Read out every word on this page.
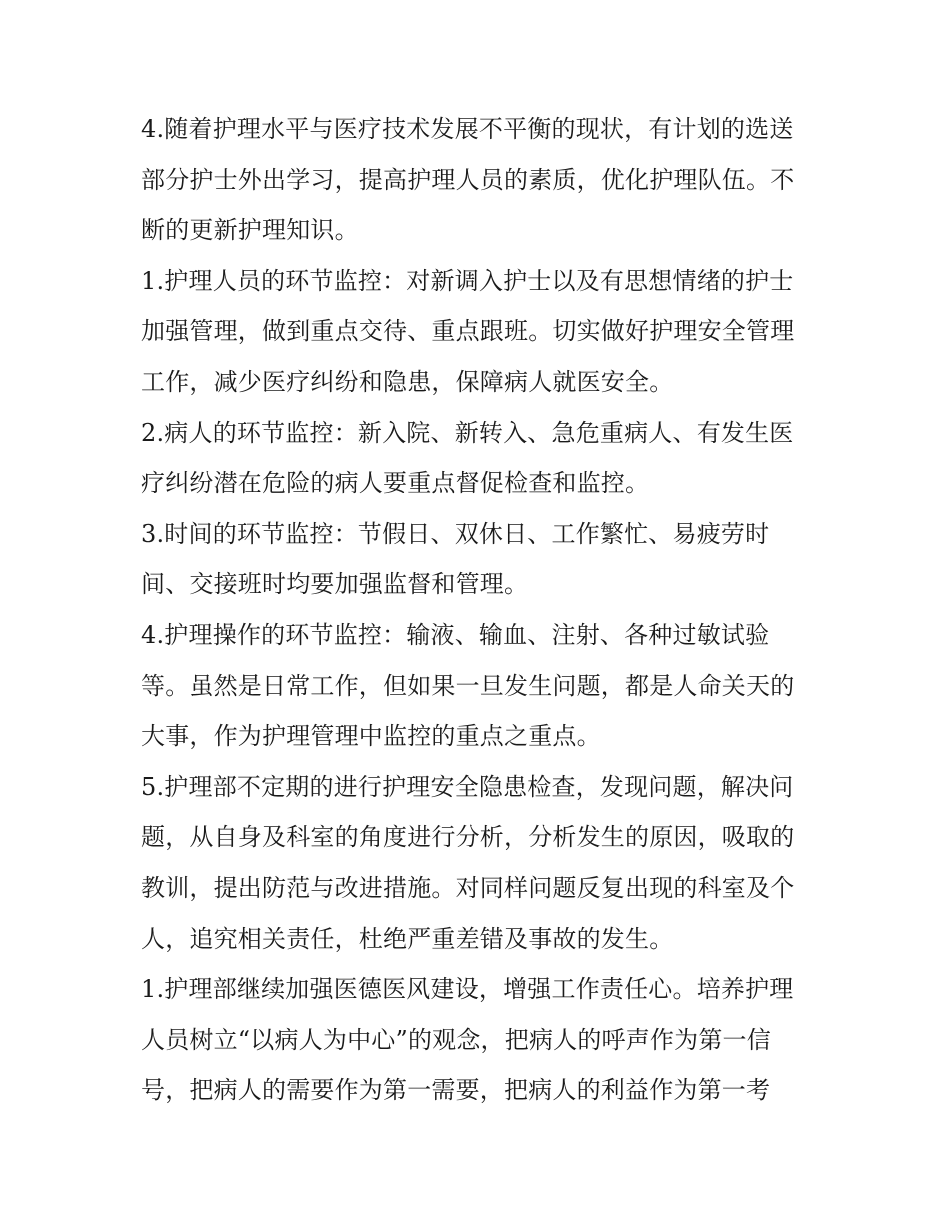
4.随着护理水平与医疗技术发展不平衡的现状，有计划的选送
部分护士外出学习，提高护理人员的素质，优化护理队伍。不
断的更新护理知识。
1.护理人员的环节监控：对新调入护士以及有思想情绪的护士
加强管理，做到重点交待、重点跟班。切实做好护理安全管理
工作，减少医疗纠纷和隐患，保障病人就医安全。
2.病人的环节监控：新入院、新转入、急危重病人、有发生医
疗纠纷潜在危险的病人要重点督促检查和监控。
3.时间的环节监控：节假日、双休日、工作繁忙、易疲劳时
间、交接班时均要加强监督和管理。
4.护理操作的环节监控：输液、输血、注射、各种过敏试验
等。虽然是日常工作，但如果一旦发生问题，都是人命关天的
大事，作为护理管理中监控的重点之重点。
5.护理部不定期的进行护理安全隐患检查，发现问题，解决问
题，从自身及科室的角度进行分析，分析发生的原因，吸取的
教训，提出防范与改进措施。对同样问题反复出现的科室及个
人，追究相关责任，杜绝严重差错及事故的发生。
1.护理部继续加强医德医风建设，增强工作责任心。培养护理
人员树立“以病人为中心”的观念，把病人的呼声作为第一信
号，把病人的需要作为第一需要，把病人的利益作为第一考
